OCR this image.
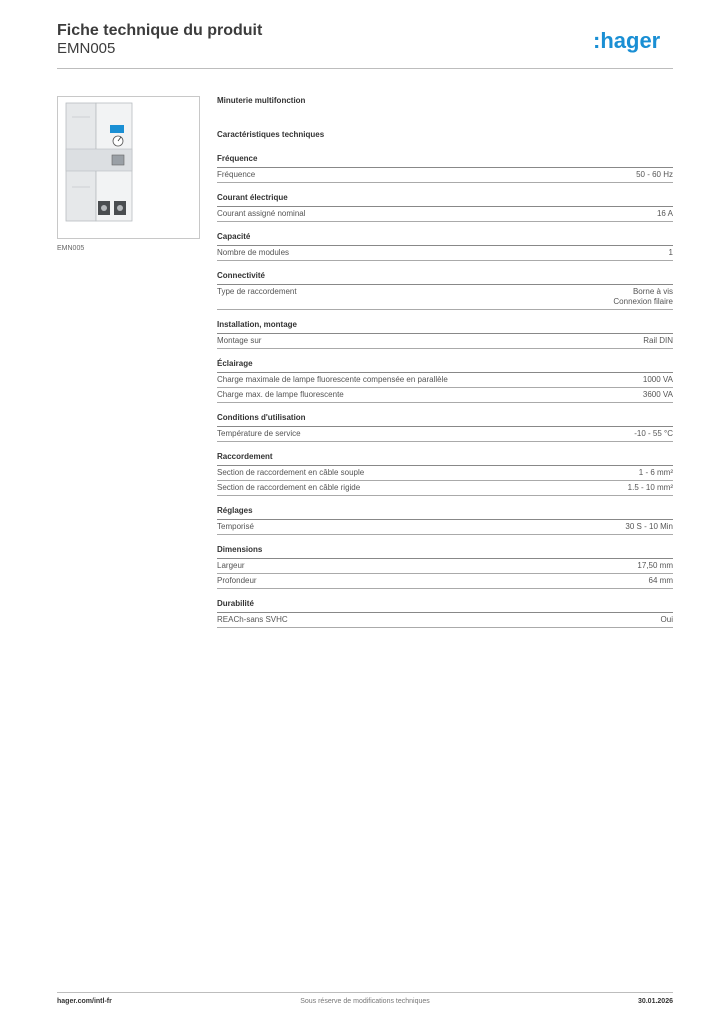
Fiche technique du produit
EMN005	:hager
EMN005
Minuterie multifonction
Caractéristiques techniques
Fréquence
Fréquence	50 - 60 Hz
Courant électrique
Courant assigné nominal	16 A
Capacité
Nombre de modules	1
Connectivité
Type de raccordement	Borne à vis
Connexion filaire
Installation, montage
Montage sur	Rail DIN
Éclairage
Charge maximale de lampe fluorescente compensée en parallèle	1000 VA
Charge max. de lampe fluorescente	3600 VA
Conditions d'utilisation
Température de service	-10 - 55 °C
Raccordement
Section de raccordement en câble souple	1 - 6 mm²
Section de raccordement en câble rigide	1.5 - 10 mm²
Réglages
Temporisé	30 S - 10 Min
Dimensions
Largeur	17,50 mm
Profondeur	64 mm
Durabilité
REACh-sans SVHC	Oui
Sous réserve de modifications techniques
hager.com/intl-fr	30.01.2026
